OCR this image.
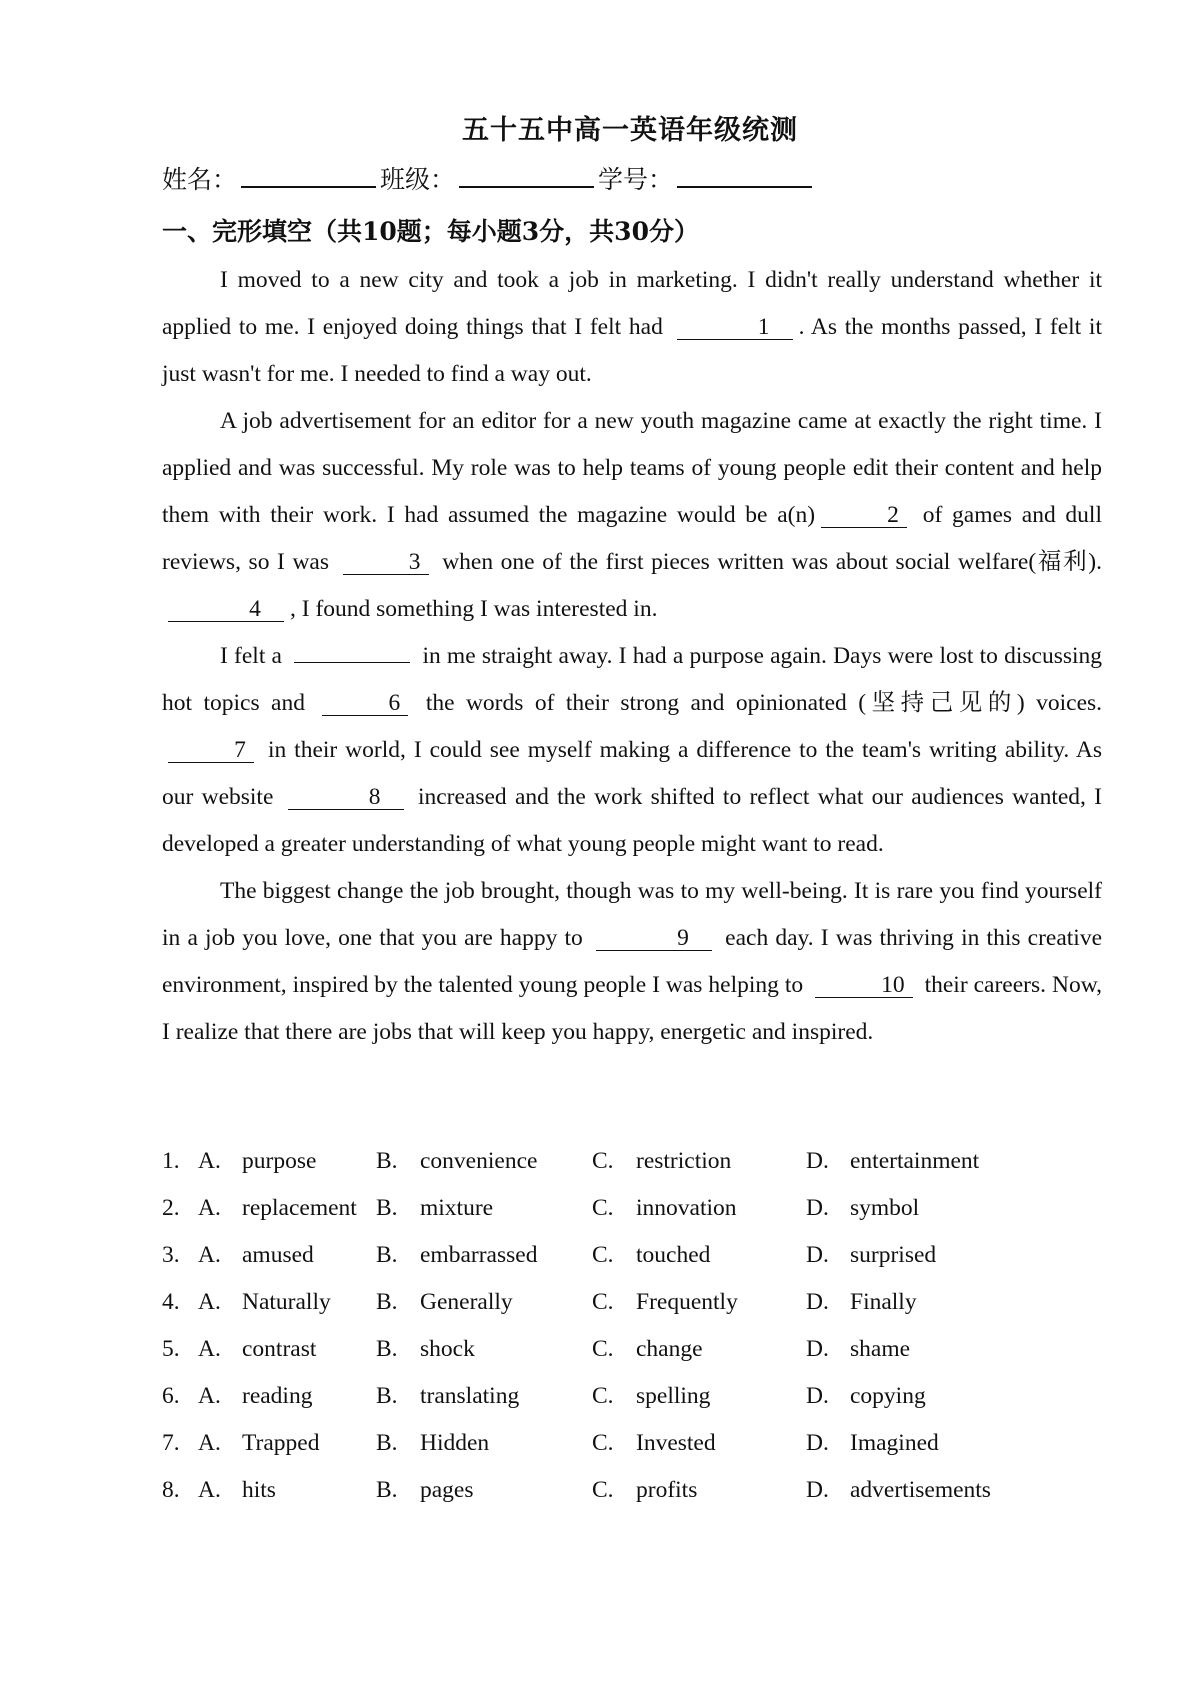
五十五中高一英语年级统测
姓名：	班级：	学号：
一、完形填空（共10题；每小题3分，共30分）

I moved to a new city and took a job in marketing. I didn't really understand whether it applied to me. I enjoyed doing things that I felt had	1 . As the months passed, I felt it just wasn't for me. I needed to find a way out.

A job advertisement for an editor for a new youth magazine came at exactly the right time. I applied and was successful. My role was to help teams of young people edit their content and help them with their work. I had assumed the magazine would be a(n)	2 of games and dull reviews, so I was	3 when one of the first pieces written was about social welfare(福利). 4 , I found something I was interested in.

I felt a	in me straight away. I had a purpose again. Days were lost to discussing hot topics and	6 the words of their strong and opinionated (坚持己见的) voices. 7 in their world, I could see myself making a difference to the team's writing ability. As our website	8 increased and the work shifted to reflect what our audiences wanted, I developed a greater understanding of what young people might want to read.

The biggest change the job brought, though was to my well-being. It is rare you find yourself in a job you love, one that you are happy to	9 each day. I was thriving in this creative environment, inspired by the talented young people I was helping to	10 their careers. Now, I realize that there are jobs that will keep you happy, energetic and inspired.

1. A. purpose	B. convenience C. restriction	D. entertainment
2. A. replacement B. mixture	C. innovation	D. symbol
3. A. amused	B. embarrassed C. touched	D. surprised
4. A. Naturally B. Generally	C. Frequently	D. Finally
5. A. contrast	B. shock	C. change	D. shame
6. A. reading	B. translating	C. spelling	D. copying
7. A. Trapped B. Hidden	C. Invested	D. Imagined
8. A. hits	B. pages	C. profits	D. advertisements
